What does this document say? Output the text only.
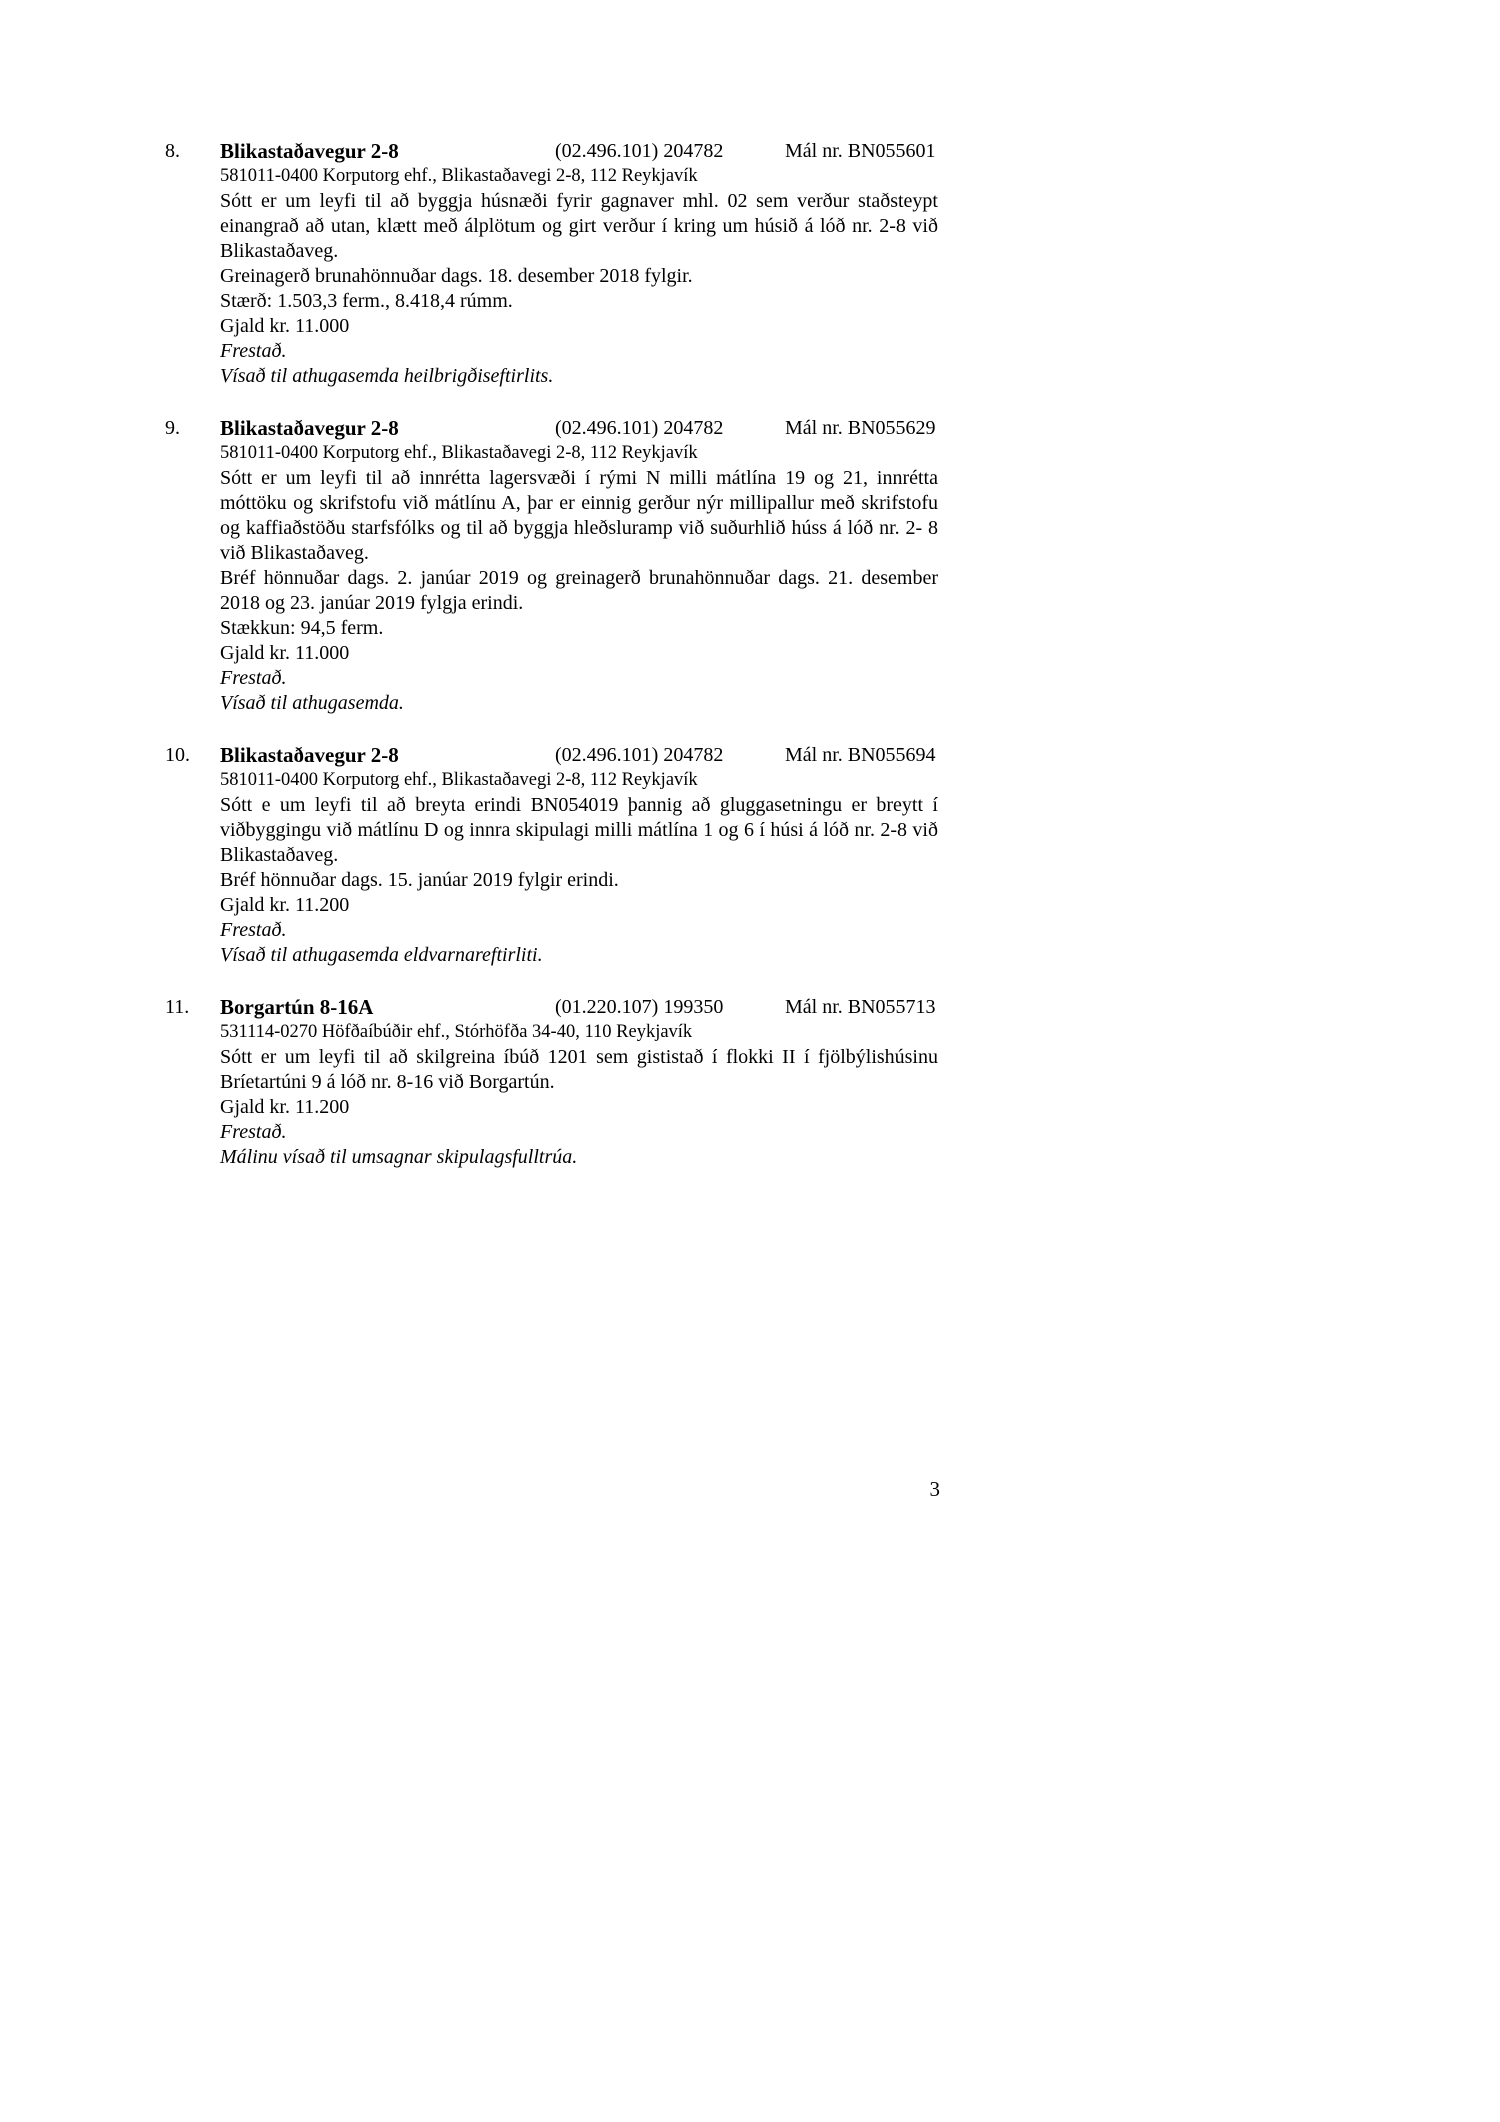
8.	Blikastaðavegur 2-8	(02.496.101) 204782	Mál nr. BN055601

581011-0400 Korputorg ehf., Blikastaðavegi 2-8, 112 Reykjavík

Sótt er um leyfi til að byggja húsnæði fyrir gagnaver mhl. 02 sem verður staðsteypt einangrað að utan, klætt með álplötum og girt verður í kring um húsið á lóð nr. 2-8 við Blikastaðaveg.

Greinagerð brunahönnuðar dags. 18. desember 2018 fylgir.

Stærð: 1.503,3 ferm., 8.418,4 rúmm.

Gjald kr. 11.000

Frestað.

Vísað til athugasemda heilbrigðiseftirlits.

9.	Blikastaðavegur 2-8	(02.496.101) 204782	Mál nr. BN055629

581011-0400 Korputorg ehf., Blikastaðavegi 2-8, 112 Reykjavík

Sótt er um leyfi til að innrétta lagersvæði í rými N milli mátlína 19 og 21, innrétta móttöku og skrifstofu við mátlínu A, þar er einnig gerður nýr millipallur með skrifstofu og kaffiaðstöðu starfsfólks og til að byggja hleðsluramp við suðurhlið húss á lóð nr. 2- 8 við Blikastaðaveg.

Bréf hönnuðar dags. 2. janúar 2019 og greinagerð brunahönnuðar dags. 21. desember 2018 og 23. janúar 2019 fylgja erindi.

Stækkun: 94,5 ferm.

Gjald kr. 11.000

Frestað.

Vísað til athugasemda.

10.	Blikastaðavegur 2-8	(02.496.101) 204782	Mál nr. BN055694

581011-0400 Korputorg ehf., Blikastaðavegi 2-8, 112 Reykjavík

Sótt e um leyfi til að breyta erindi BN054019 þannig að gluggasetningu er breytt í viðbyggingu við mátlínu D og innra skipulagi milli mátlína 1 og 6 í húsi á lóð nr. 2-8 við Blikastaðaveg.

Bréf hönnuðar dags. 15. janúar 2019 fylgir erindi.

Gjald kr. 11.200

Frestað.

Vísað til athugasemda eldvarnareftirliti.

11.	Borgartún 8-16A	(01.220.107) 199350	Mál nr. BN055713

531114-0270 Höfðaíbúðir ehf., Stórhöfða 34-40, 110 Reykjavík

Sótt er um leyfi til að skilgreina íbúð 1201 sem gististað í flokki II í fjölbýlishúsinu Bríetartúni 9 á lóð nr. 8-16 við Borgartún.

Gjald kr. 11.200

Frestað.

Málinu vísað til umsagnar skipulagsfulltrúa.

3
